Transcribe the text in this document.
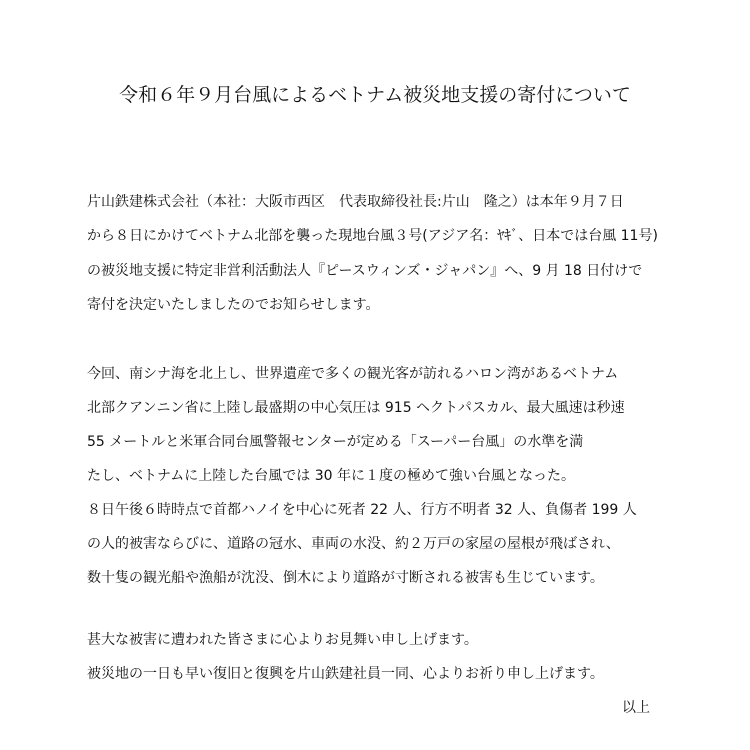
令和６年９月台風によるベトナム被災地支援の寄付について
片山鉄建株式会社（本社：大阪市西区　代表取締役社長:片山　隆之）は本年９月７日
から８日にかけてベトナム北部を襲った現地台風３号(アジア名：ﾔｷﾞ、日本では台風 11号)
の被災地支援に特定非営利活動法人『ピースウィンズ・ジャパン』へ、9 月 18 日付けで
寄付を決定いたしましたのでお知らせします。
今回、南シナ海を北上し、世界遺産で多くの観光客が訪れるハロン湾があるベトナム
北部クアンニン省に上陸し最盛期の中心気圧は 915 ヘクトパスカル、最大風速は秒速
55 メートルと米軍合同台風警報センターが定める「スーパー台風」の水準を満
たし、ベトナムに上陸した台風では 30 年に１度の極めて強い台風となった。
８日午後６時時点で首都ハノイを中心に死者 22 人、行方不明者 32 人、負傷者 199 人
の人的被害ならびに、道路の冠水、車両の水没、約２万戸の家屋の屋根が飛ばされ、
数十隻の観光船や漁船が沈没、倒木により道路が寸断される被害も生じています。
甚大な被害に遭われた皆さまに心よりお見舞い申し上げます。
被災地の一日も早い復旧と復興を片山鉄建社員一同、心よりお祈り申し上げます。
以上
